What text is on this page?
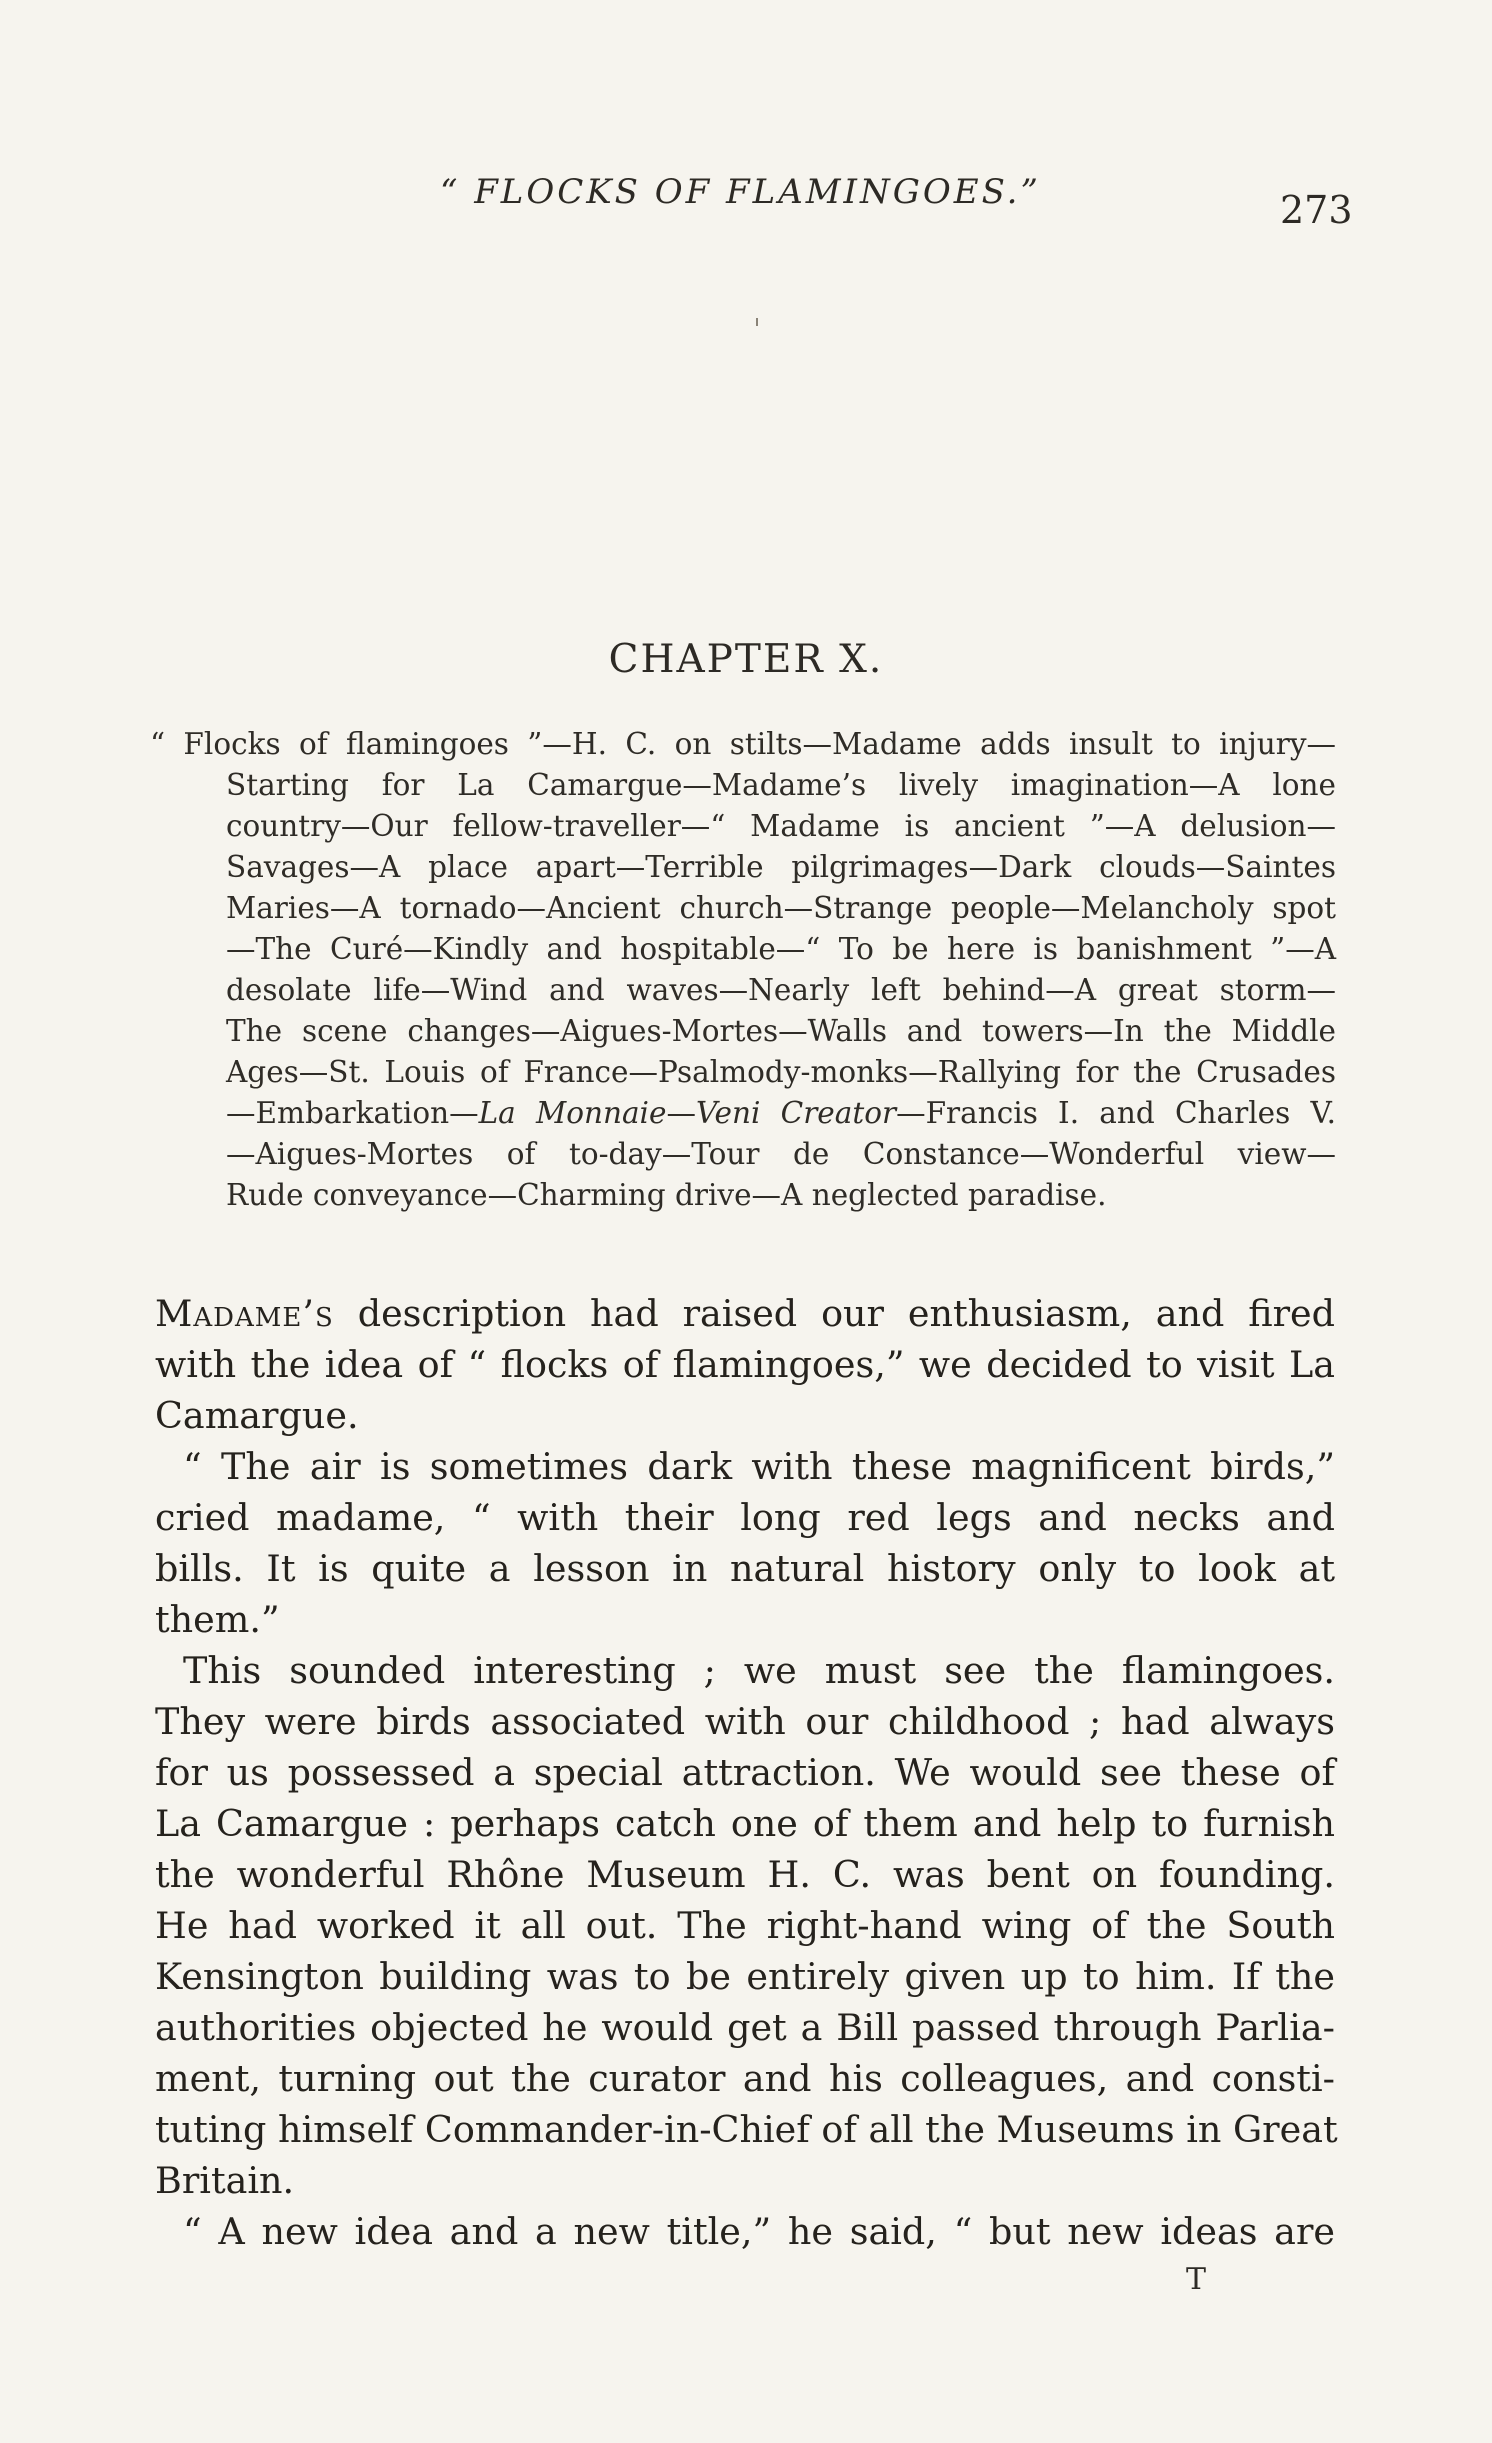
“ FLOCKS OF FLAMINGOES.”	273
CHAPTER X.
“ Flocks of flamingoes ”—H. C. on stilts—Madame adds insult to injury—
Starting for La Camargue—Madame’s lively imagination—A lone
country—Our fellow-traveller—“ Madame is ancient ”—A delusion—
Savages—A place apart—Terrible pilgrimages—Dark clouds—Saintes
Maries—A tornado—Ancient church—Strange people—Melancholy spot
—The Curé—Kindly and hospitable—“ To be here is banishment ”—A
desolate life—Wind and waves—Nearly left behind—A great storm—
The scene changes—Aigues-Mortes—Walls and towers—In the Middle
Ages—St. Louis of France—Psalmody-monks—Rallying for the Crusades
—Embarkation—La Monnaie—Veni Creator—Francis I. and Charles V.
—Aigues-Mortes of to-day—Tour de Constance—Wonderful view—
Rude conveyance—Charming drive—A neglected paradise.
Madame’s description had raised our enthusiasm, and fired
with the idea of “ flocks of flamingoes,” we decided to visit La
Camargue.
“ The air is sometimes dark with these magnificent birds,”
cried madame, “ with their long red legs and necks and
bills. It is quite a lesson in natural history only to look at
them.”
This sounded interesting ; we must see the flamingoes.
They were birds associated with our childhood ; had always
for us possessed a special attraction. We would see these of
La Camargue : perhaps catch one of them and help to furnish
the wonderful Rhône Museum H. C. was bent on founding.
He had worked it all out. The right-hand wing of the South
Kensington building was to be entirely given up to him. If the
authorities objected he would get a Bill passed through Parlia-
ment, turning out the curator and his colleagues, and consti-
tuting himself Commander-in-Chief of all the Museums in Great
Britain.
“ A new idea and a new title,” he said, “ but new ideas are
T
